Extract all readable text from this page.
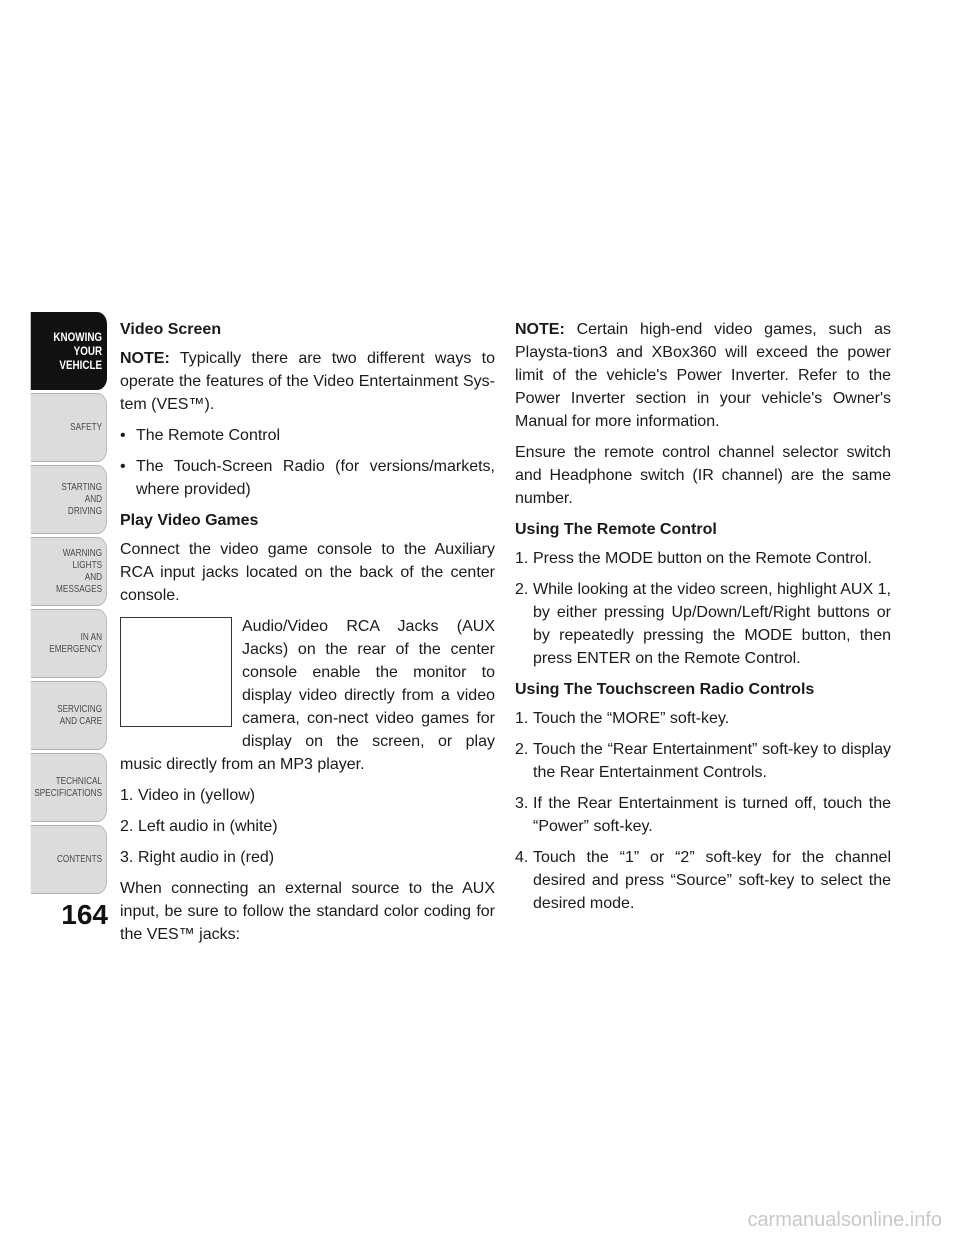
KNOWING
YOUR
VEHICLE
SAFETY
STARTING
AND
DRIVING
WARNING
LIGHTS
AND
MESSAGES
IN AN
EMERGENCY
SERVICING
AND CARE
TECHNICAL
SPECIFICATIONS
CONTENTS
164
Video Screen

NOTE: Typically there are two different ways to operate the features of the Video Entertainment Sys-tem (VES™).

• The Remote Control
• The Touch-Screen Radio (for versions/markets, where provided)
Play Video Games

Connect the video game console to the Auxiliary RCA input jacks located on the back of the center console.

Audio/Video RCA Jacks (AUX Jacks) on the rear of the center console enable the monitor to display video directly from a video camera, con-nect video games for display on the screen, or play music directly from an MP3 player.

1. Video in (yellow)
2. Left audio in (white)
3. Right audio in (red)

When connecting an external source to the AUX input, be sure to follow the standard color coding for the VES™ jacks:

NOTE: Certain high-end video games, such as Playsta-tion3 and XBox360 will exceed the power limit of the vehicle's Power Inverter. Refer to the Power Inverter section in your vehicle's Owner's Manual for more information.

Ensure the remote control channel selector switch and Headphone switch (IR channel) are the same number.

Using The Remote Control
1. Press the MODE button on the Remote Control.
2. While looking at the video screen, highlight AUX 1, by either pressing Up/Down/Left/Right buttons or by repeatedly pressing the MODE button, then press ENTER on the Remote Control.
Using The Touchscreen Radio Controls
1. Touch the “MORE” soft-key.
2. Touch the “Rear Entertainment” soft-key to display the Rear Entertainment Controls.
3. If the Rear Entertainment is turned off, touch the “Power” soft-key.
4. Touch the “1” or “2” soft-key for the channel desired and press “Source” soft-key to select the desired mode.
carmanualsonline.info
